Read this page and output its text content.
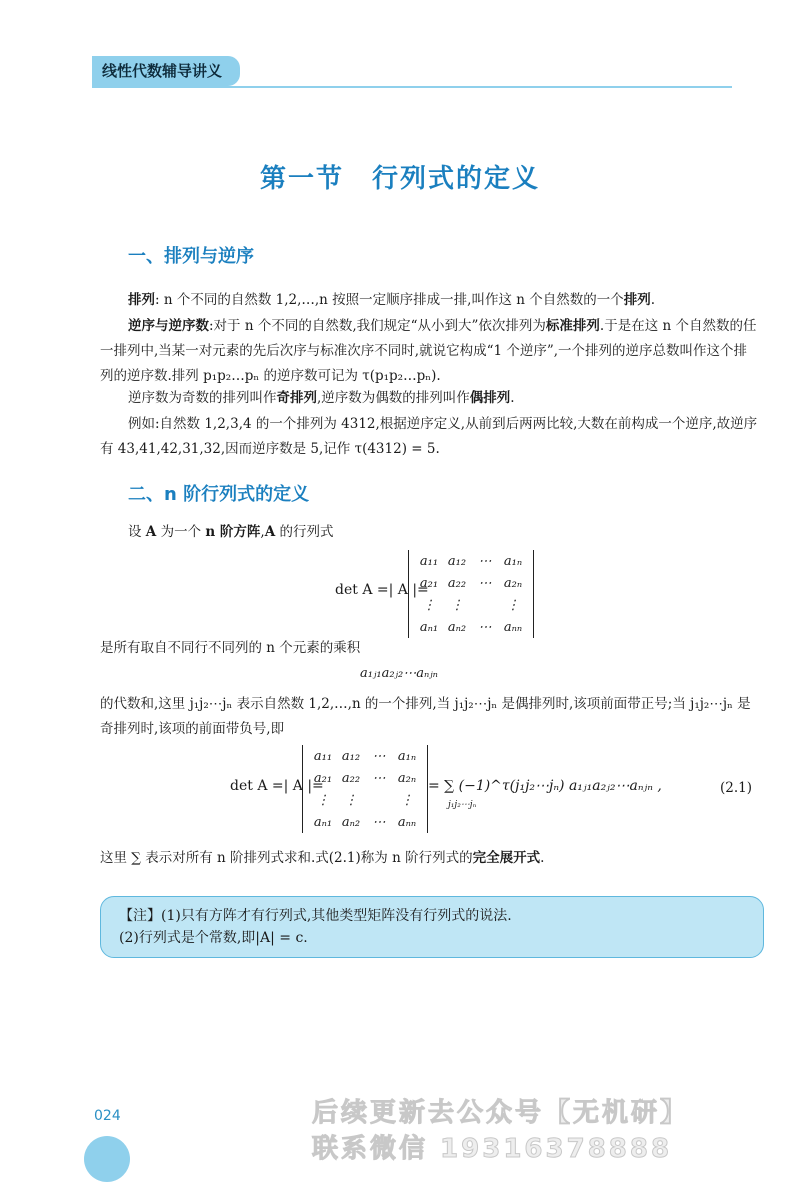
线性代数辅导讲义
第一节　行列式的定义
一、排列与逆序
排列: n 个不同的自然数 1,2,…,n 按照一定顺序排成一排,叫作这 n 个自然数的一个排列.
逆序与逆序数:对于 n 个不同的自然数,我们规定“从小到大”依次排列为标准排列.于是在这 n 个自然数的任一排列中,当某一对元素的先后次序与标准次序不同时,就说它构成“1 个逆序”,一个排列的逆序总数叫作这个排列的逆序数.排列 p₁p₂…pₙ 的逆序数可记为 τ(p₁p₂…pₙ).
逆序数为奇数的排列叫作奇排列,逆序数为偶数的排列叫作偶排列.
例如:自然数 1,2,3,4 的一个排列为 4312,根据逆序定义,从前到后两两比较,大数在前构成一个逆序,故逆序有 43,41,42,31,32,因而逆序数是 5,记作 τ(4312) = 5.
二、n 阶行列式的定义
设 A 为一个 n 阶方阵,A 的行列式
det A =| A |=
a₁₁ a₁₂ ⋯ a₁ₙ
a₂₁ a₂₂ ⋯ a₂ₙ
⋮	⋮	⋮
aₙ₁ aₙ₂ ⋯ aₙₙ
是所有取自不同行不同列的 n 个元素的乘积
a₁ⱼ₁a₂ⱼ₂⋯aₙⱼₙ
的代数和,这里 j₁j₂⋯jₙ 表示自然数 1,2,…,n 的一个排列,当 j₁j₂⋯jₙ 是偶排列时,该项前面带正号;当 j₁j₂⋯jₙ 是奇排列时,该项的前面带负号,即
det A =| A |=
a₁₁ a₁₂ ⋯ a₁ₙ
a₂₁ a₂₂ ⋯ a₂ₙ
⋮	⋮	⋮
aₙ₁ aₙ₂ ⋯ aₙₙ
= ∑ (−1)^τ(j₁j₂⋯jₙ) a₁ⱼ₁a₂ⱼ₂⋯aₙⱼₙ ,
j₁j₂⋯jₙ
(2.1)
这里 ∑ 表示对所有 n 阶排列式求和.式(2.1)称为 n 阶行列式的完全展开式.
【注】(1)只有方阵才有行列式,其他类型矩阵没有行列式的说法.
(2)行列式是个常数,即|A| = c.
后续更新去公众号【无机研】
联系微信 19316378888
024
